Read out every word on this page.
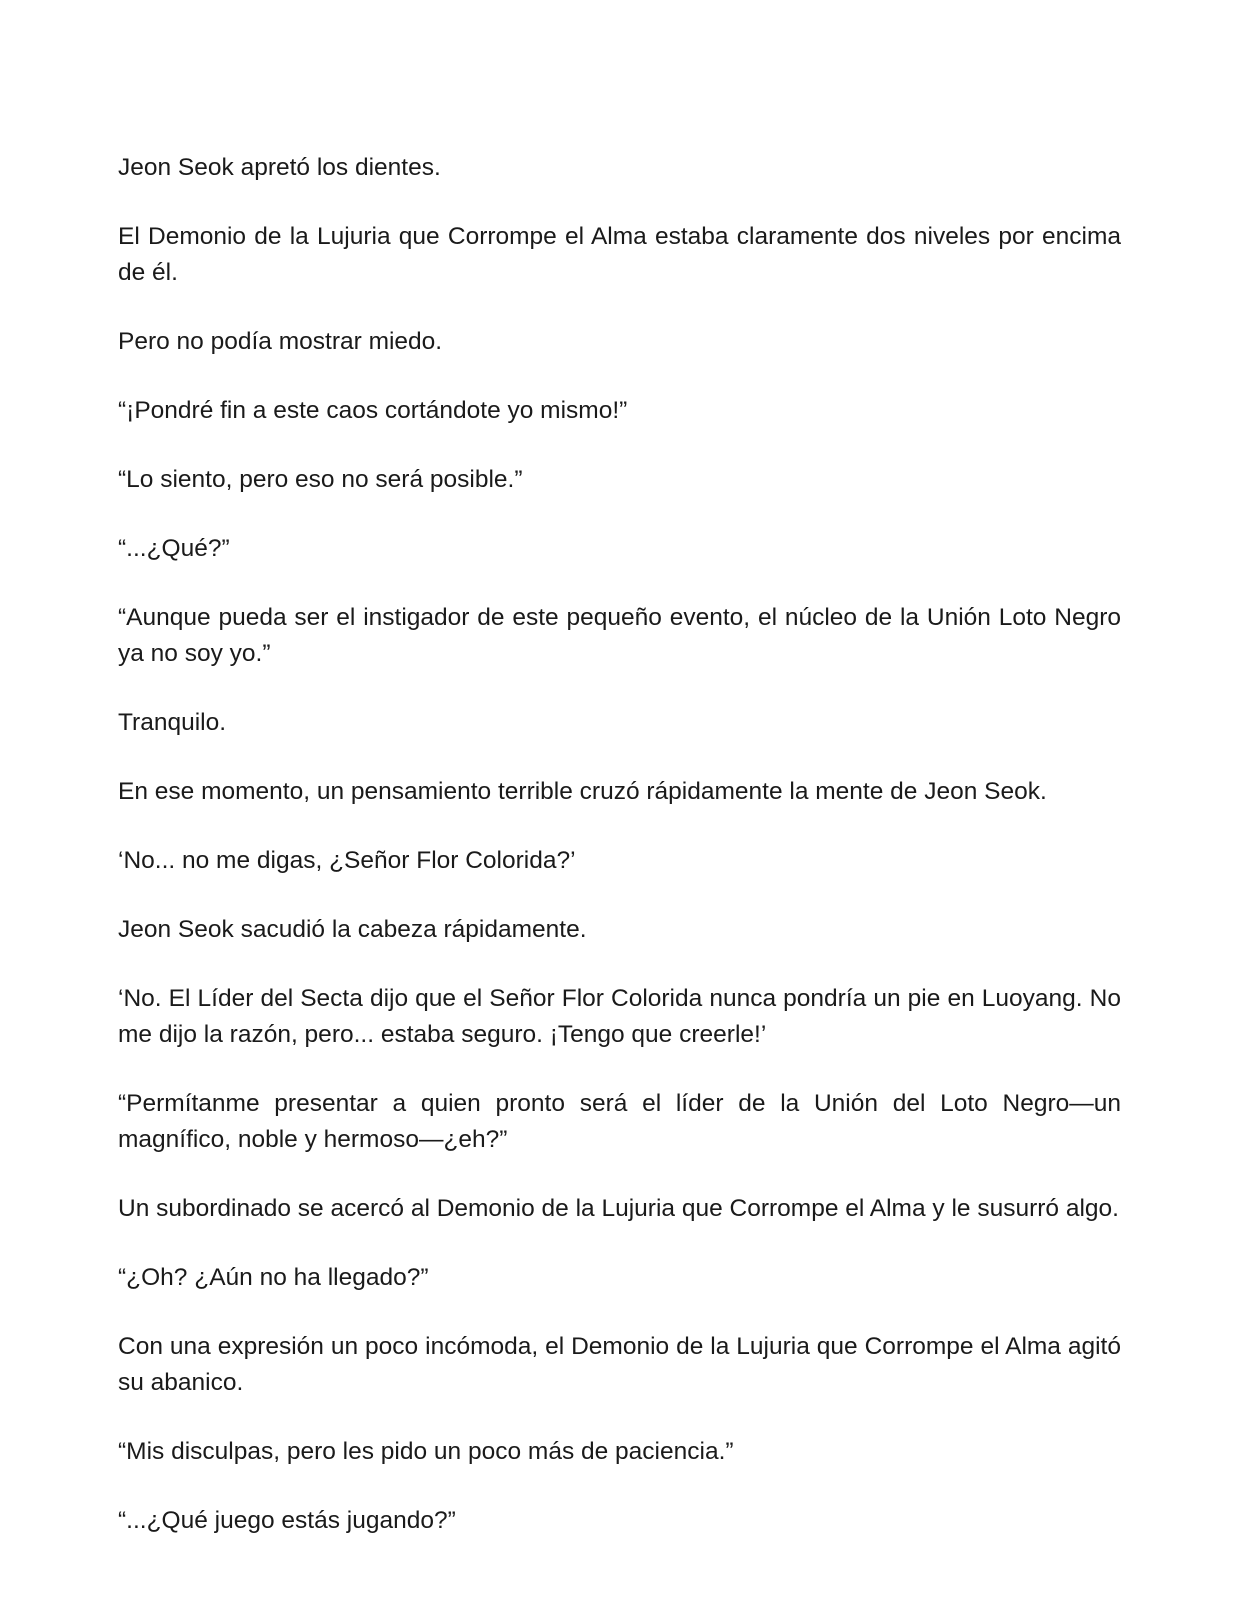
Jeon Seok apretó los dientes.

El Demonio de la Lujuria que Corrompe el Alma estaba claramente dos niveles por encima de él.

Pero no podía mostrar miedo.

“¡Pondré fin a este caos cortándote yo mismo!”

“Lo siento, pero eso no será posible.”

“...¿Qué?”

“Aunque pueda ser el instigador de este pequeño evento, el núcleo de la Unión Loto Negro ya no soy yo.”

Tranquilo.

En ese momento, un pensamiento terrible cruzó rápidamente la mente de Jeon Seok.

‘No... no me digas, ¿Señor Flor Colorida?’

Jeon Seok sacudió la cabeza rápidamente.

‘No. El Líder del Secta dijo que el Señor Flor Colorida nunca pondría un pie en Luoyang. No me dijo la razón, pero... estaba seguro. ¡Tengo que creerle!’

“Permítanme presentar a quien pronto será el líder de la Unión del Loto Negro—un magnífico, noble y hermoso—¿eh?”

Un subordinado se acercó al Demonio de la Lujuria que Corrompe el Alma y le susurró algo.

“¿Oh? ¿Aún no ha llegado?”

Con una expresión un poco incómoda, el Demonio de la Lujuria que Corrompe el Alma agitó su abanico.

“Mis disculpas, pero les pido un poco más de paciencia.”

“...¿Qué juego estás jugando?”
